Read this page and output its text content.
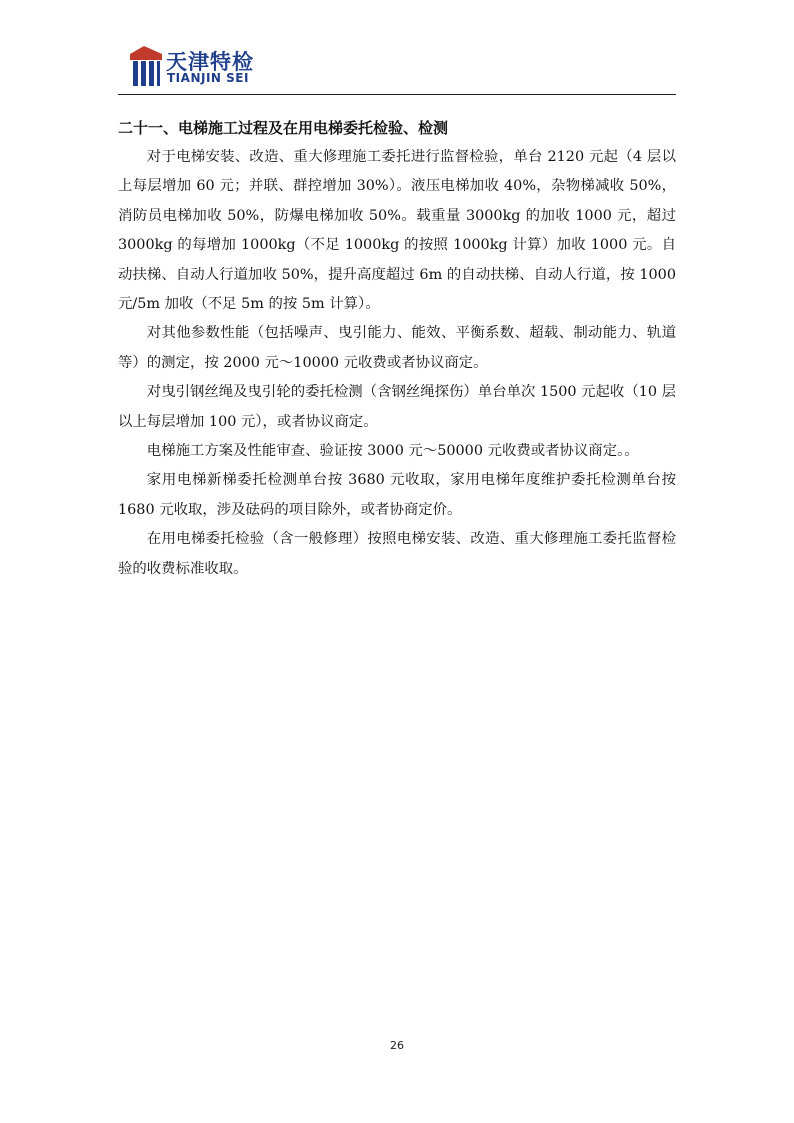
天津特检
TIANJIN SEI
二十一、电梯施工过程及在用电梯委托检验、检测

对于电梯安装、改造、重大修理施工委托进行监督检验，单台 2120 元起（4 层以上每层增加 60 元；并联、群控增加 30%）。液压电梯加收 40%，杂物梯减收 50%，消防员电梯加收 50%，防爆电梯加收 50%。载重量 3000kg 的加收 1000 元，超过 3000kg 的每增加 1000kg（不足 1000kg 的按照 1000kg 计算）加收 1000 元。自动扶梯、自动人行道加收 50%，提升高度超过 6m 的自动扶梯、自动人行道，按 1000 元/5m 加收（不足 5m 的按 5m 计算）。

对其他参数性能（包括噪声、曳引能力、能效、平衡系数、超载、制动能力、轨道等）的测定，按 2000 元～10000 元收费或者协议商定。

对曳引钢丝绳及曳引轮的委托检测（含钢丝绳探伤）单台单次 1500 元起收（10 层以上每层增加 100 元），或者协议商定。

电梯施工方案及性能审查、验证按 3000 元～50000 元收费或者协议商定。。

家用电梯新梯委托检测单台按 3680 元收取，家用电梯年度维护委托检测单台按 1680 元收取，涉及砝码的项目除外，或者协商定价。

在用电梯委托检验（含一般修理）按照电梯安装、改造、重大修理施工委托监督检验的收费标准收取。

26
